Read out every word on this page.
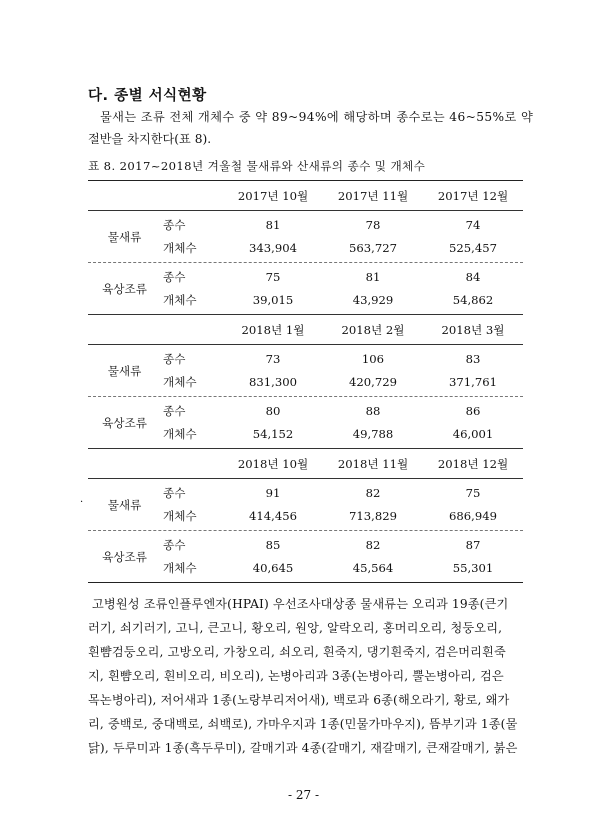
다. 종별 서식현황
물새는 조류 전체 개체수 중 약 89~94%에 해당하며 종수로는 46~55%로 약
절반을 차지한다(표 8).
표 8. 2017~2018년 겨울철 물새류와 산새류의 종수 및 개체수
2017년 10월	2017년 11월	2017년 12월
물새류
종수	81	78	74
개체수	343,904	563,727	525,457
육상조류
종수	75	81	84
개체수	39,015	43,929	54,862
2018년 1월	2018년 2월	2018년 3월
물새류
종수	73	106	83
개체수	831,300	420,729	371,761
육상조류
종수	80	88	86
개체수	54,152	49,788	46,001
2018년 10월	2018년 11월	2018년 12월
물새류
종수	91	82	75
개체수	414,456	713,829	686,949
육상조류
종수	85	82	87
개체수	40,645	45,564	55,301
·
고병원성 조류인플루엔자(HPAI) 우선조사대상종 물새류는 오리과 19종(큰기
러기, 쇠기러기, 고니, 큰고니, 황오리, 원앙, 알락오리, 홍머리오리, 청둥오리,
흰뺨검둥오리, 고방오리, 가창오리, 쇠오리, 흰죽지, 댕기흰죽지, 검은머리흰죽
지, 흰뺨오리, 흰비오리, 비오리), 논병아리과 3종(논병아리, 뿔논병아리, 검은
목논병아리), 저어새과 1종(노랑부리저어새), 백로과 6종(해오라기, 황로, 왜가
리, 중백로, 중대백로, 쇠백로), 가마우지과 1종(민물가마우지), 뜸부기과 1종(물
닭), 두루미과 1종(흑두루미), 갈매기과 4종(갈매기, 재갈매기, 큰재갈매기, 붉은
- 27 -
